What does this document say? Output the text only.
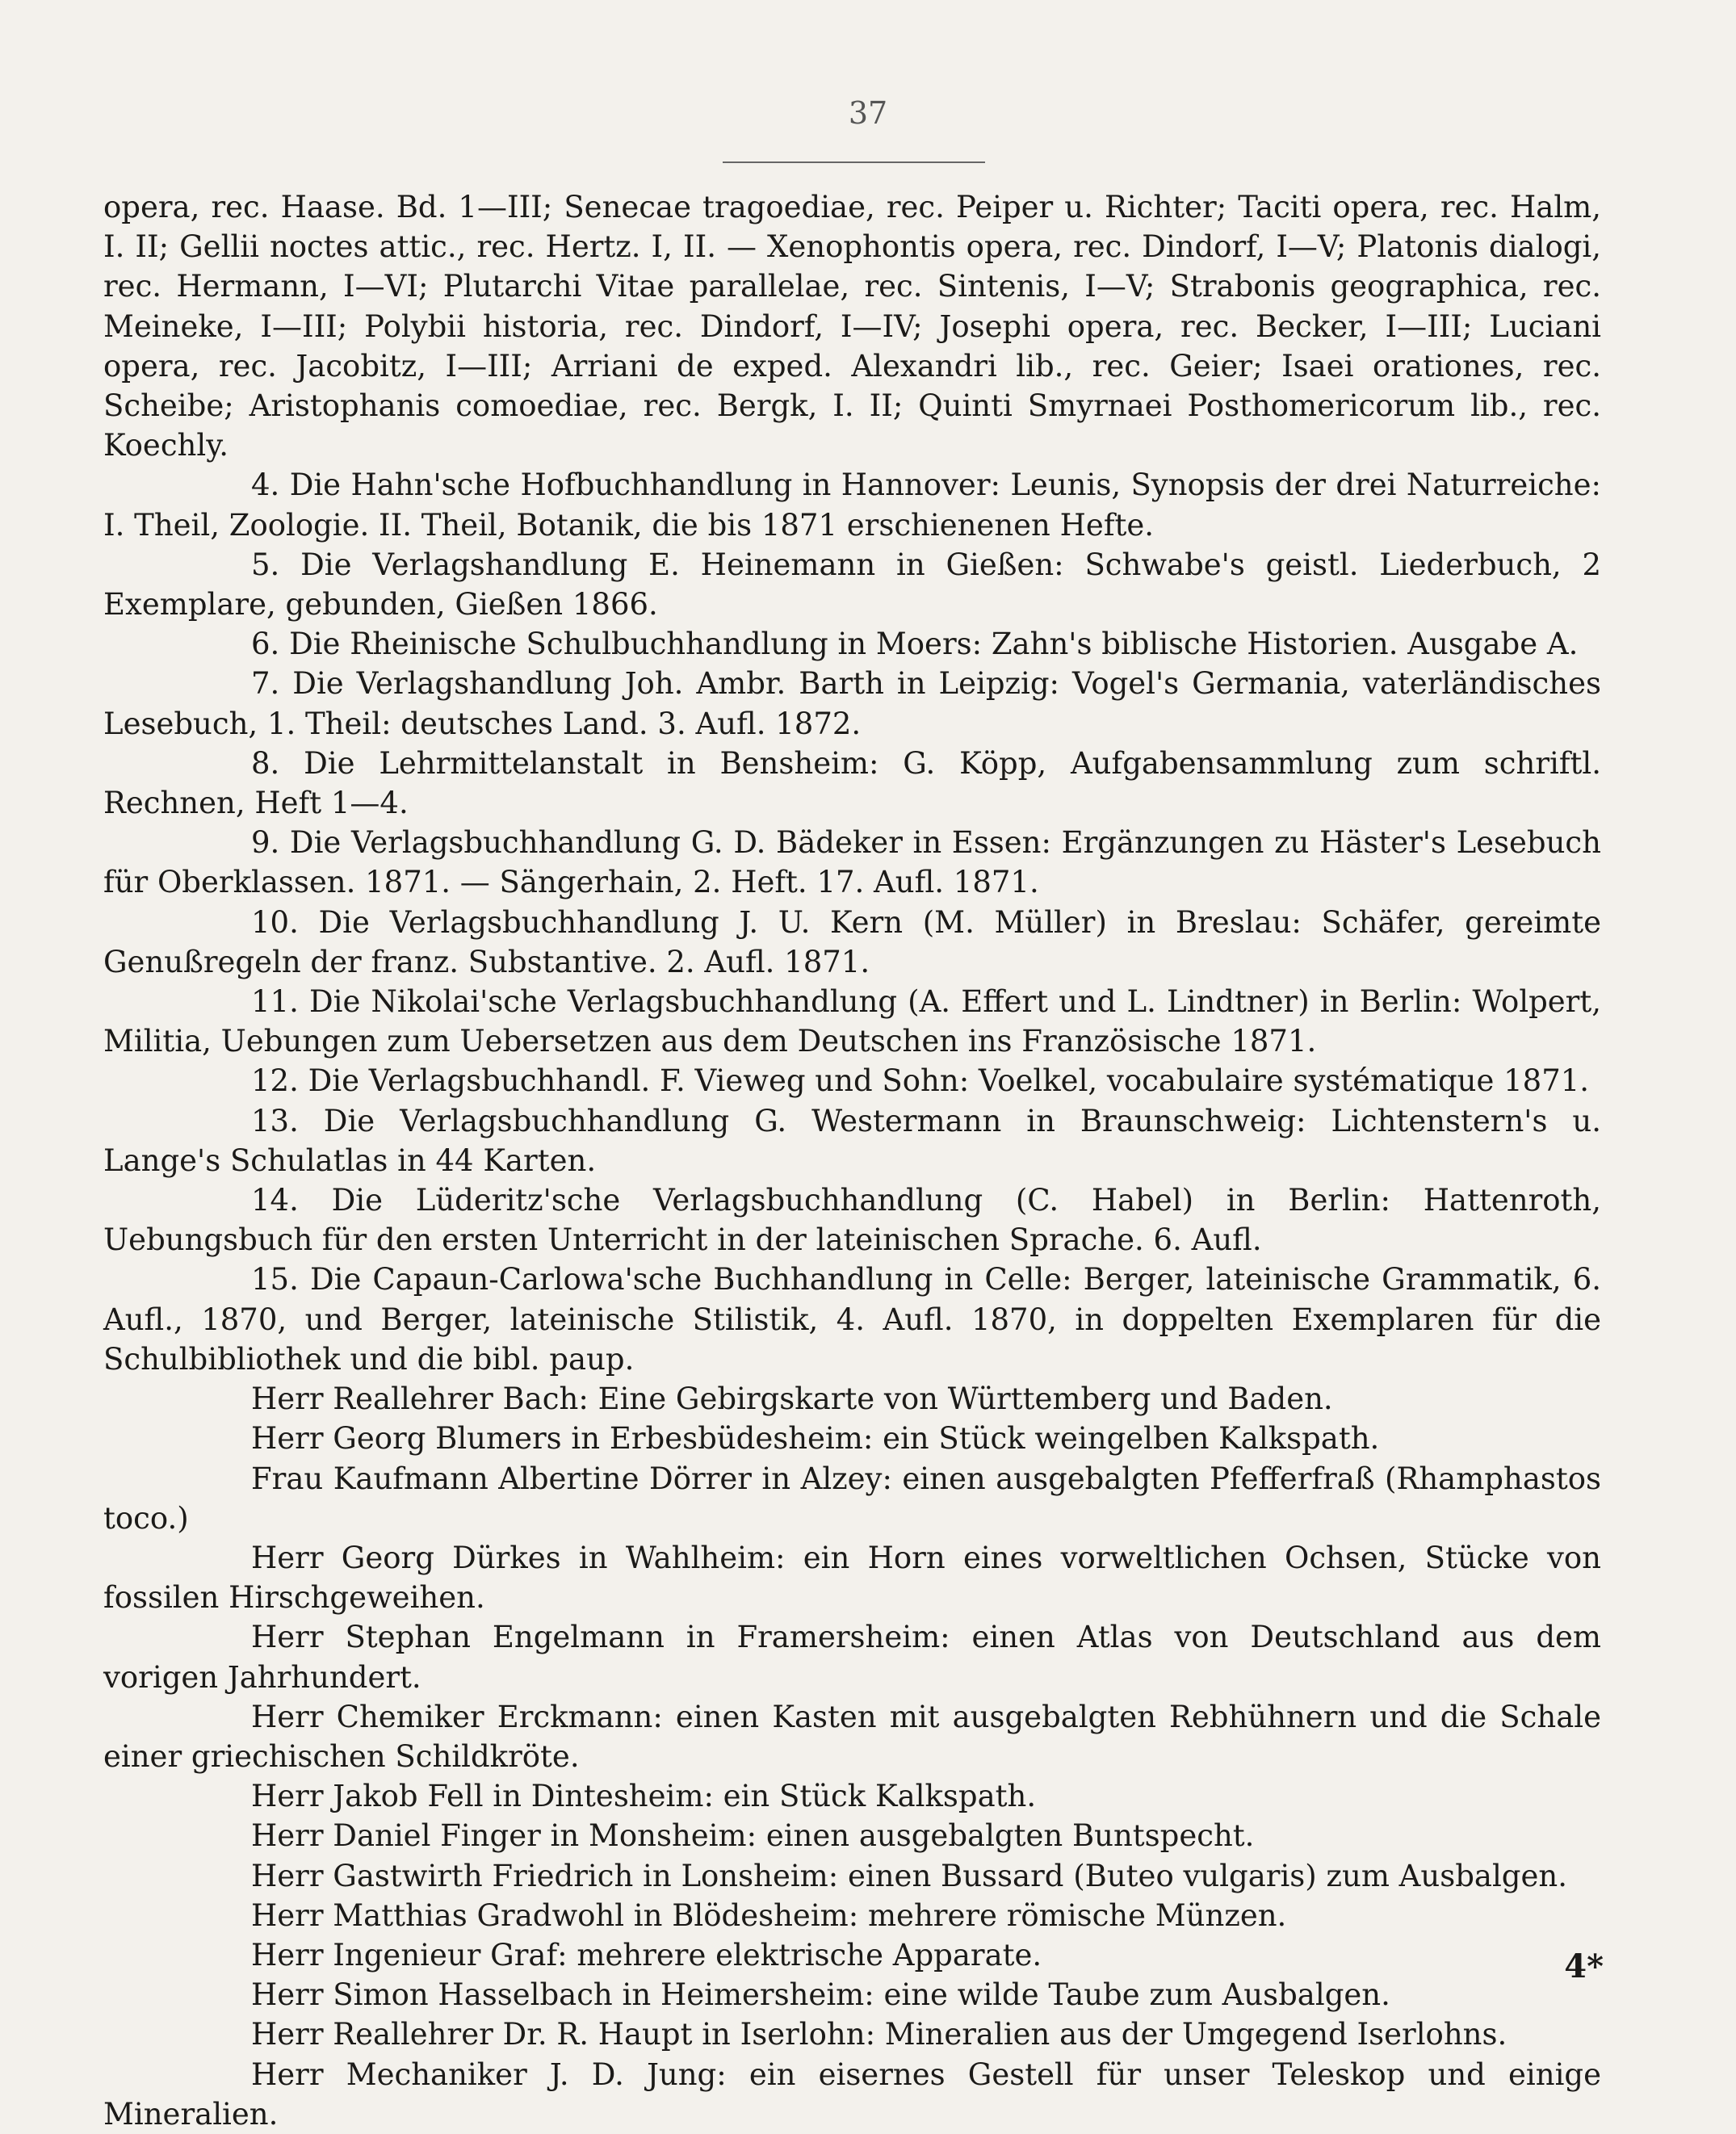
37

opera, rec. Haase. Bd. 1—III; Senecae tragoediae, rec. Peiper u. Richter; Taciti opera, rec. Halm, I. II; Gellii noctes attic., rec. Hertz. I, II. — Xenophontis opera, rec. Dindorf, I—V; Platonis dialogi, rec. Hermann, I—VI; Plutarchi Vitae parallelae, rec. Sintenis, I—V; Strabonis geographica, rec. Meineke, I—III; Polybii historia, rec. Dindorf, I—IV; Josephi opera, rec. Becker, I—III; Luciani opera, rec. Jacobitz, I—III; Arriani de exped. Alexandri lib., rec. Geier; Isaei orationes, rec. Scheibe; Aristophanis comoediae, rec. Bergk, I. II; Quinti Smyrnaei Posthomericorum lib., rec. Koechly.

4. Die Hahn'sche Hofbuchhandlung in Hannover: Leunis, Synopsis der drei Naturreiche: I. Theil, Zoologie. II. Theil, Botanik, die bis 1871 erschienenen Hefte.

5. Die Verlagshandlung E. Heinemann in Gießen: Schwabe's geistl. Liederbuch, 2 Exemplare, gebunden, Gießen 1866.

6. Die Rheinische Schulbuchhandlung in Moers: Zahn's biblische Historien. Ausgabe A.

7. Die Verlagshandlung Joh. Ambr. Barth in Leipzig: Vogel's Germania, vaterländisches Lesebuch, 1. Theil: deutsches Land. 3. Aufl. 1872.

8. Die Lehrmittelanstalt in Bensheim: G. Köpp, Aufgabensammlung zum schriftl. Rechnen, Heft 1—4.

9. Die Verlagsbuchhandlung G. D. Bädeker in Essen: Ergänzungen zu Häster's Lesebuch für Oberklassen. 1871. — Sängerhain, 2. Heft. 17. Aufl. 1871.

10. Die Verlagsbuchhandlung J. U. Kern (M. Müller) in Breslau: Schäfer, gereimte Genußregeln der franz. Substantive. 2. Aufl. 1871.

11. Die Nikolai'sche Verlagsbuchhandlung (A. Effert und L. Lindtner) in Berlin: Wolpert, Militia, Uebungen zum Uebersetzen aus dem Deutschen ins Französische 1871.

12. Die Verlagsbuchhandl. F. Vieweg und Sohn: Voelkel, vocabulaire systématique 1871.

13. Die Verlagsbuchhandlung G. Westermann in Braunschweig: Lichtenstern's u. Lange's Schulatlas in 44 Karten.

14. Die Lüderitz'sche Verlagsbuchhandlung (C. Habel) in Berlin: Hattenroth, Uebungsbuch für den ersten Unterricht in der lateinischen Sprache. 6. Aufl.

15. Die Capaun-Carlowa'sche Buchhandlung in Celle: Berger, lateinische Grammatik, 6. Aufl., 1870, und Berger, lateinische Stilistik, 4. Aufl. 1870, in doppelten Exemplaren für die Schulbibliothek und die bibl. paup.

Herr Reallehrer Bach: Eine Gebirgskarte von Württemberg und Baden.

Herr Georg Blumers in Erbesbüdesheim: ein Stück weingelben Kalkspath.

Frau Kaufmann Albertine Dörrer in Alzey: einen ausgebalgten Pfefferfraß (Rhamphastos toco.)

Herr Georg Dürkes in Wahlheim: ein Horn eines vorweltlichen Ochsen, Stücke von fossilen Hirschgeweihen.

Herr Stephan Engelmann in Framersheim: einen Atlas von Deutschland aus dem vorigen Jahrhundert.

Herr Chemiker Erckmann: einen Kasten mit ausgebalgten Rebhühnern und die Schale einer griechischen Schildkröte.

Herr Jakob Fell in Dintesheim: ein Stück Kalkspath.

Herr Daniel Finger in Monsheim: einen ausgebalgten Buntspecht.

Herr Gastwirth Friedrich in Lonsheim: einen Bussard (Buteo vulgaris) zum Ausbalgen.

Herr Matthias Gradwohl in Blödesheim: mehrere römische Münzen.

Herr Ingenieur Graf: mehrere elektrische Apparate.

Herr Simon Hasselbach in Heimersheim: eine wilde Taube zum Ausbalgen.

Herr Reallehrer Dr. R. Haupt in Iserlohn: Mineralien aus der Umgegend Iserlohns.

Herr Mechaniker J. D. Jung: ein eisernes Gestell für unser Teleskop und einige Mineralien.

4*
